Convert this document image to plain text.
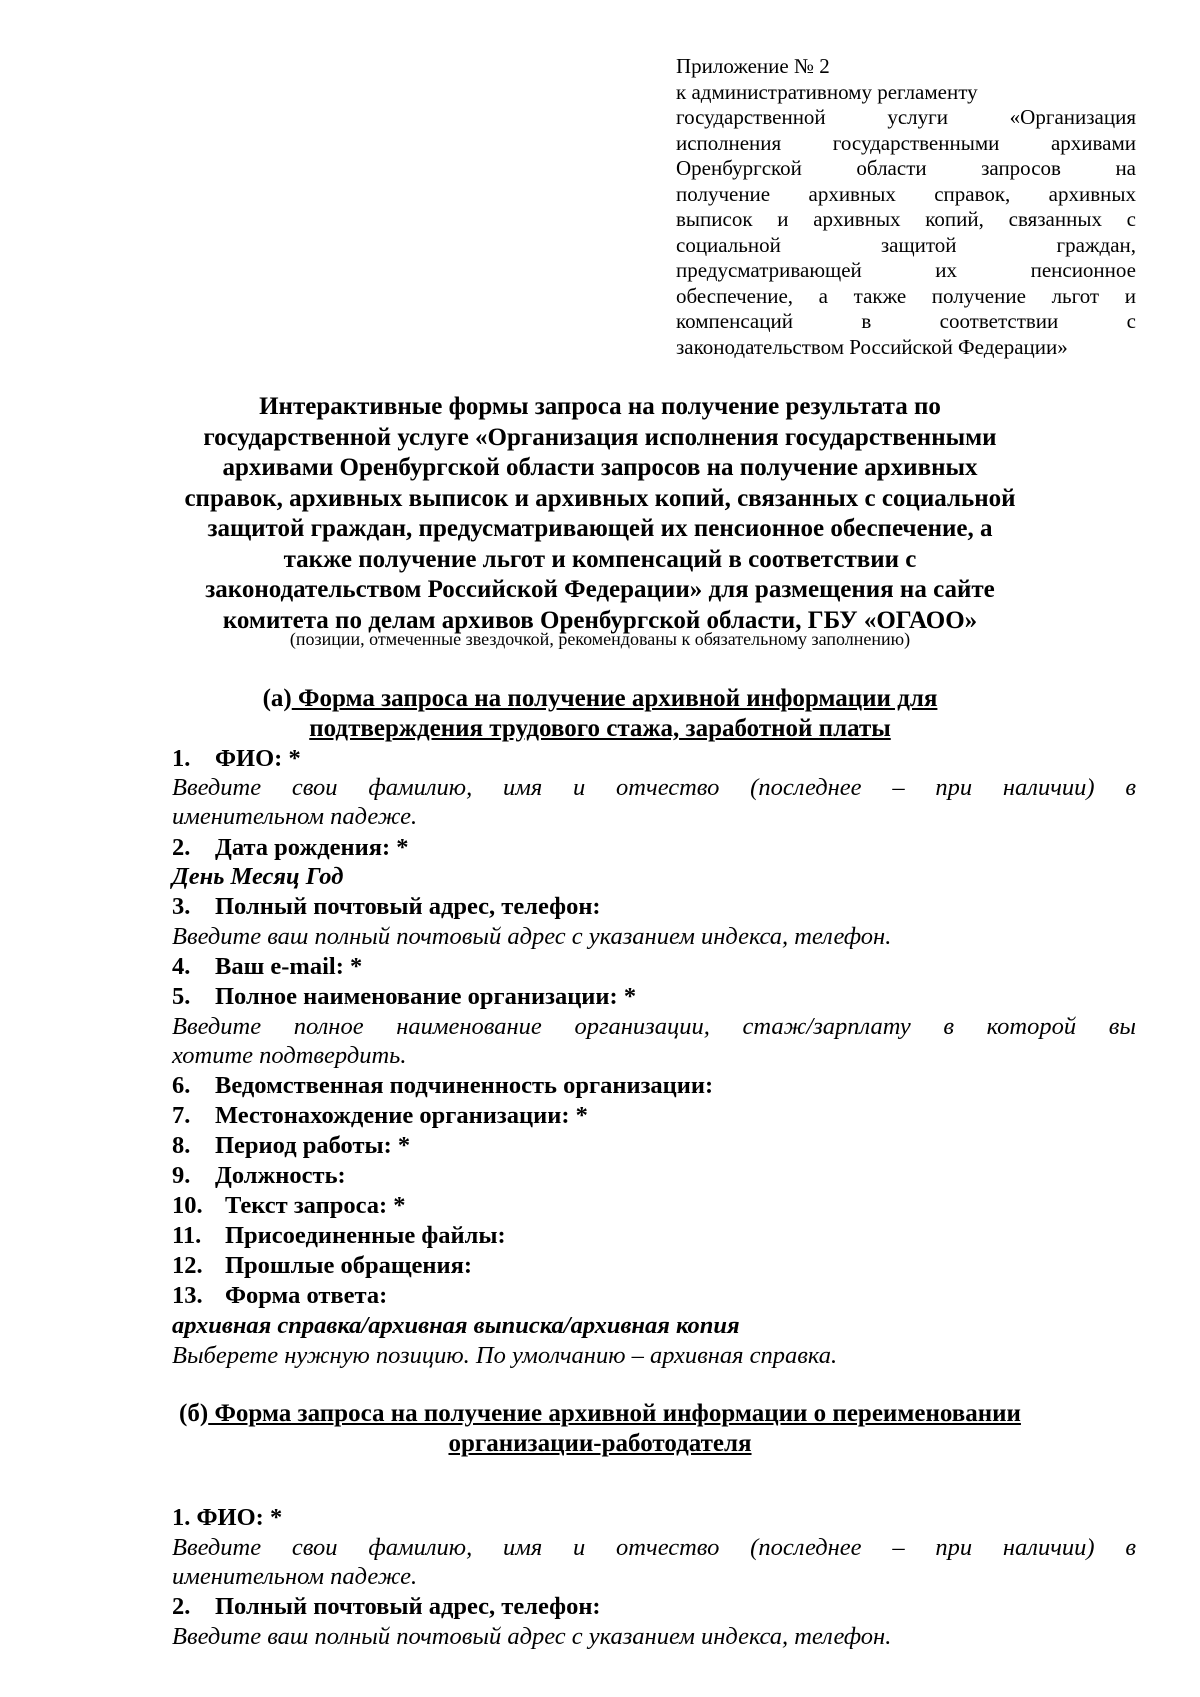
Приложение № 2
к административному регламенту
государственной услуги «Организация
исполнения государственными архивами
Оренбургской области запросов на
получение архивных справок, архивных
выписок и архивных копий, связанных с
социальной защитой граждан,
предусматривающей их пенсионное
обеспечение, а также получение льгот и
компенсаций в соответствии с
законодательством Российской Федерации»
Интерактивные формы запроса на получение результата по
государственной услуге «Организация исполнения государственными
архивами Оренбургской области запросов на получение архивных
справок, архивных выписок и архивных копий, связанных с социальной
защитой граждан, предусматривающей их пенсионное обеспечение, а
также получение льгот и компенсаций в соответствии с
законодательством Российской Федерации» для размещения на сайте
комитета по делам архивов Оренбургской области, ГБУ «ОГАОО»
(позиции, отмеченные звездочкой, рекомендованы к обязательному заполнению)
(а) Форма запроса на получение архивной информации для
подтверждения трудового стажа, заработной платы
1. ФИО: *
Введите свои фамилию, имя и отчество (последнее – при наличии) в
именительном падеже.
2. Дата рождения: *
День Месяц Год
3. Полный почтовый адрес, телефон:
Введите ваш полный почтовый адрес с указанием индекса, телефон.
4. Ваш e-mail: *
5. Полное наименование организации: *
Введите полное наименование организации, стаж/зарплату в которой вы
хотите подтвердить.
6. Ведомственная подчиненность организации:
7. Местонахождение организации: *
8. Период работы: *
9. Должность:
10. Текст запроса: *
11. Присоединенные файлы:
12. Прошлые обращения:
13. Форма ответа:
архивная справка/архивная выписка/архивная копия
Выберете нужную позицию. По умолчанию – архивная справка.
(б) Форма запроса на получение архивной информации о переименовании
организации-работодателя
1. ФИО: *
Введите свои фамилию, имя и отчество (последнее – при наличии) в
именительном падеже.
2. Полный почтовый адрес, телефон:
Введите ваш полный почтовый адрес с указанием индекса, телефон.
